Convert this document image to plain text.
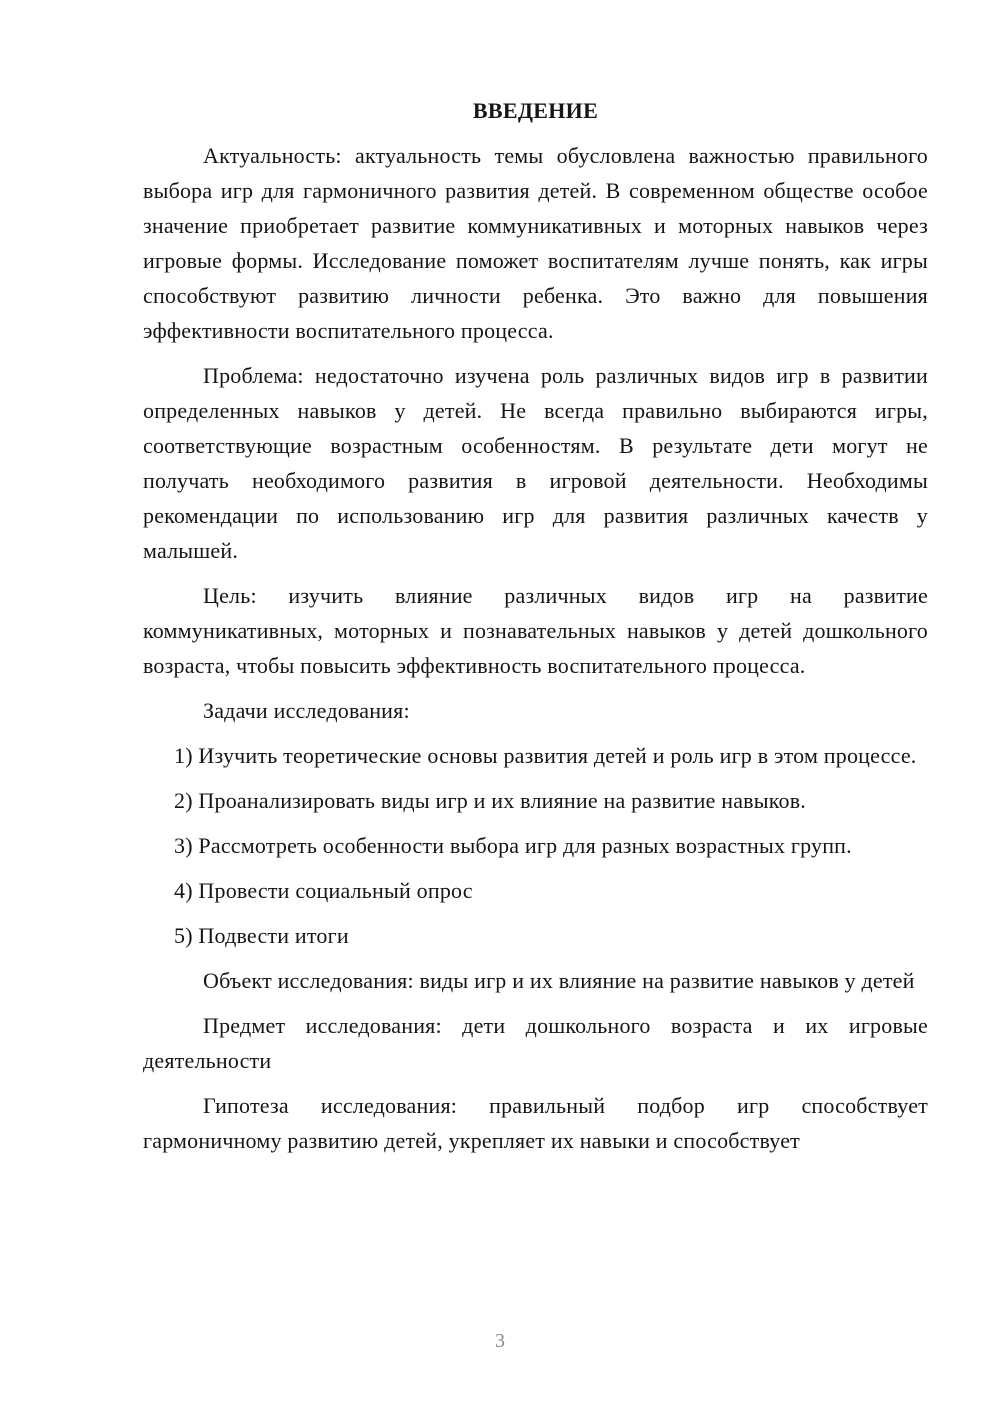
ВВЕДЕНИЕ

Актуальность: актуальность темы обусловлена важностью правильного выбора игр для гармоничного развития детей. В современном обществе особое значение приобретает развитие коммуникативных и моторных навыков через игровые формы. Исследование поможет воспитателям лучше понять, как игры способствуют развитию личности ребенка. Это важно для повышения эффективности воспитательного процесса.

Проблема: недостаточно изучена роль различных видов игр в развитии определенных навыков у детей. Не всегда правильно выбираются игры, соответствующие возрастным особенностям. В результате дети могут не получать необходимого развития в игровой деятельности. Необходимы рекомендации по использованию игр для развития различных качеств у малышей.

Цель: изучить влияние различных видов игр на развитие коммуникативных, моторных и познавательных навыков у детей дошкольного возраста, чтобы повысить эффективность воспитательного процесса.

Задачи исследования:

1) Изучить теоретические основы развития детей и роль игр в этом процессе.

2) Проанализировать виды игр и их влияние на развитие навыков.

3) Рассмотреть особенности выбора игр для разных возрастных групп.

4) Провести социальный опрос

5) Подвести итоги

Объект исследования: виды игр и их влияние на развитие навыков у детей

Предмет исследования: дети дошкольного возраста и их игровые деятельности

Гипотеза исследования: правильный подбор игр способствует гармоничному развитию детей, укрепляет их навыки и способствует

3
